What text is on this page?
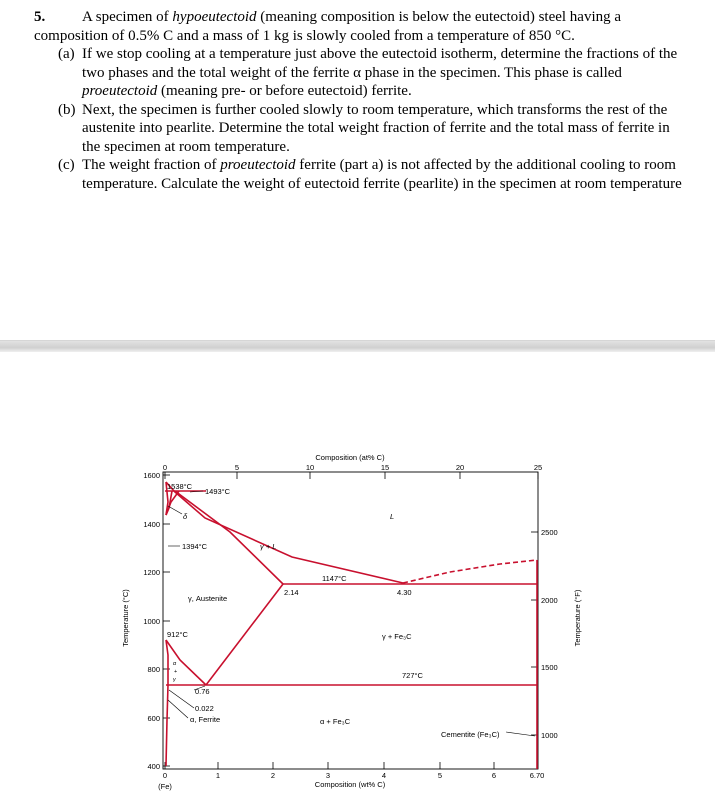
5. A specimen of hypoeutectoid (meaning composition is below the eutectoid) steel having a composition of 0.5% C and a mass of 1 kg is slowly cooled from a temperature of 850 °C.

(a) If we stop cooling at a temperature just above the eutectoid isotherm, determine the fractions of the two phases and the total weight of the ferrite α phase in the specimen. This phase is called proeutectoid (meaning pre- or before eutectoid) ferrite.

(b) Next, the specimen is further cooled slowly to room temperature, which transforms the rest of the austenite into pearlite. Determine the total weight fraction of ferrite and the total mass of ferrite in the specimen at room temperature.

(c) The weight fraction of proeutectoid ferrite (part a) is not affected by the additional cooling to room temperature. Calculate the weight of eutectoid ferrite (pearlite) in the specimen at room temperature

Composition (at% C)
Composition (wt% C)
Temperature (°C)	Temperature (°F)
0	5	10	15	20	25
0	1	2	3	4	5	6	6.70
(Fe)
1600
1400
1200
1000
800
600
400
2500
2000
1500
1000
1538°C
1493°C
δ
1394°C	γ + L
L
1147°C
2.14	4.30
γ, Austenite
912°C	γ + Fe₃C
727°C
α
+
γ
0.76
0.022
α, Ferrite	α + Fe₃C
Cementite (Fe₃C)
